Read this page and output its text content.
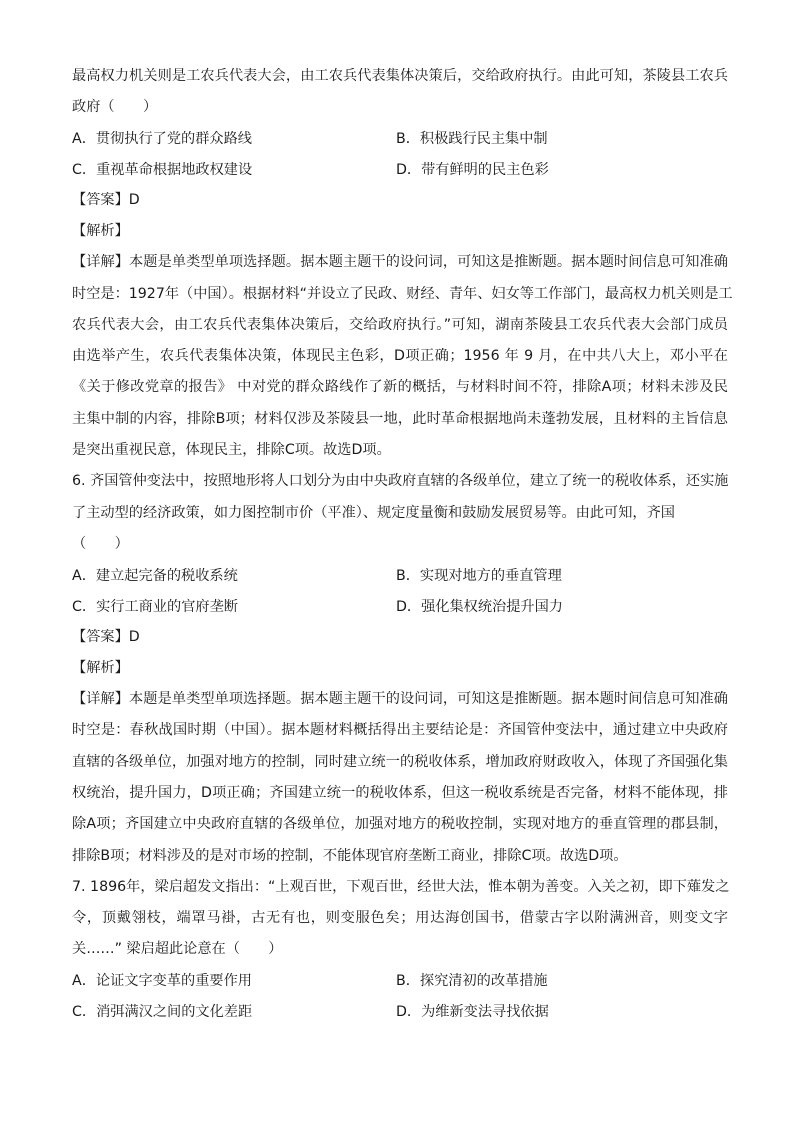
最高权力机关则是工农兵代表大会，由工农兵代表集体决策后，交给政府执行。由此可知，茶陵县工农兵
政府（　　）
A．贯彻执行了党的群众路线	B．积极践行民主集中制
C．重视革命根据地政权建设	D．带有鲜明的民主色彩
【答案】D
【解析】
【详解】本题是单类型单项选择题。据本题主题干的设问词，可知这是推断题。据本题时间信息可知准确
时空是：1927年（中国）。根据材料“并设立了民政、财经、青年、妇女等工作部门，最高权力机关则是工
农兵代表大会，由工农兵代表集体决策后，交给政府执行。”可知，湖南茶陵县工农兵代表大会部门成员
由选举产生，农兵代表集体决策，体现民主色彩，D项正确；1956 年 9 月，在中共八大上，邓小平在
《关于修改党章的报告》 中对党的群众路线作了新的概括，与材料时间不符，排除A项；材料未涉及民
主集中制的内容，排除B项；材料仅涉及茶陵县一地，此时革命根据地尚未蓬勃发展，且材料的主旨信息
是突出重视民意，体现民主，排除C项。故选D项。
6. 齐国管仲变法中，按照地形将人口划分为由中央政府直辖的各级单位，建立了统一的税收体系，还实施
了主动型的经济政策，如力图控制市价（平准）、规定度量衡和鼓励发展贸易等。由此可知，齐国
（　　）
A．建立起完备的税收系统	B．实现对地方的垂直管理
C．实行工商业的官府垄断	D．强化集权统治提升国力
【答案】D
【解析】
【详解】本题是单类型单项选择题。据本题主题干的设问词，可知这是推断题。据本题时间信息可知准确
时空是：春秋战国时期（中国）。据本题材料概括得出主要结论是：齐国管仲变法中，通过建立中央政府
直辖的各级单位，加强对地方的控制，同时建立统一的税收体系，增加政府财政收入，体现了齐国强化集
权统治，提升国力，D项正确；齐国建立统一的税收体系，但这一税收系统是否完备，材料不能体现，排
除A项；齐国建立中央政府直辖的各级单位，加强对地方的税收控制，实现对地方的垂直管理的郡县制，
排除B项；材料涉及的是对市场的控制，不能体现官府垄断工商业，排除C项。故选D项。
7. 1896年，梁启超发文指出：“上观百世，下观百世，经世大法，惟本朝为善变。入关之初，即下薙发之
令，顶戴翎枝，端罩马褂，古无有也，则变服色矣；用达海创国书，借蒙古字以附满洲音，则变文字
关……” 梁启超此论意在（　　）
A．论证文字变革的重要作用	B．探究清初的改革措施
C．消弭满汉之间的文化差距	D．为维新变法寻找依据
